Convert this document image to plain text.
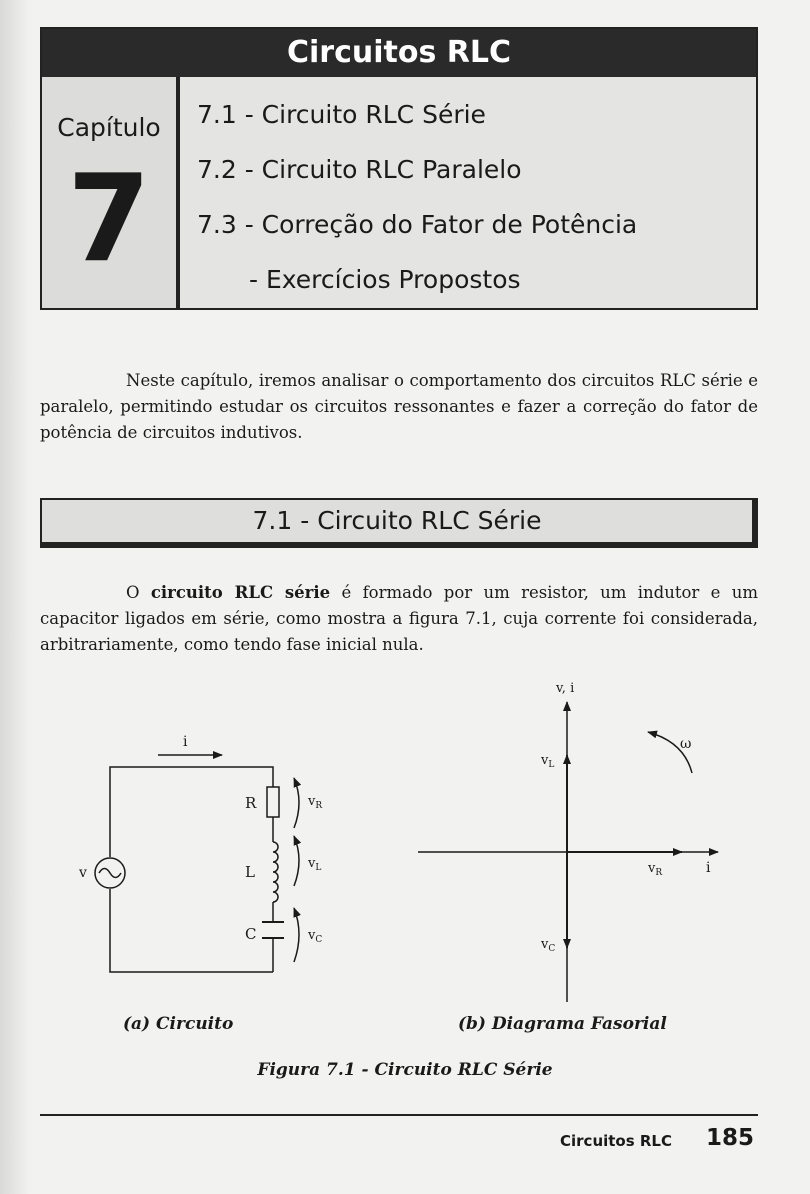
Circuitos RLC
Capítulo
7
7.1 - Circuito RLC Série
7.2 - Circuito RLC Paralelo
7.3 - Correção do Fator de Potência
- Exercícios Propostos

Neste capítulo, iremos analisar o comportamento dos circuitos RLC série e paralelo, permitindo estudar os circuitos ressonantes e fazer a correção do fator de potência de circuitos indutivos.

7.1 - Circuito RLC Série

O circuito RLC série é formado por um resistor, um indutor e um capacitor ligados em série, como mostra a figura 7.1, cuja corrente foi considerada, arbitrariamente, como tendo fase inicial nula.

i
R
L
C
v
$v_R$
$v_L$
$v_C$
v, i
i
ω
$v_L$
$v_R$
$v_C$
(a) Circuito	(b) Diagrama Fasorial
Figura 7.1 - Circuito RLC Série
Circuitos RLC 185
